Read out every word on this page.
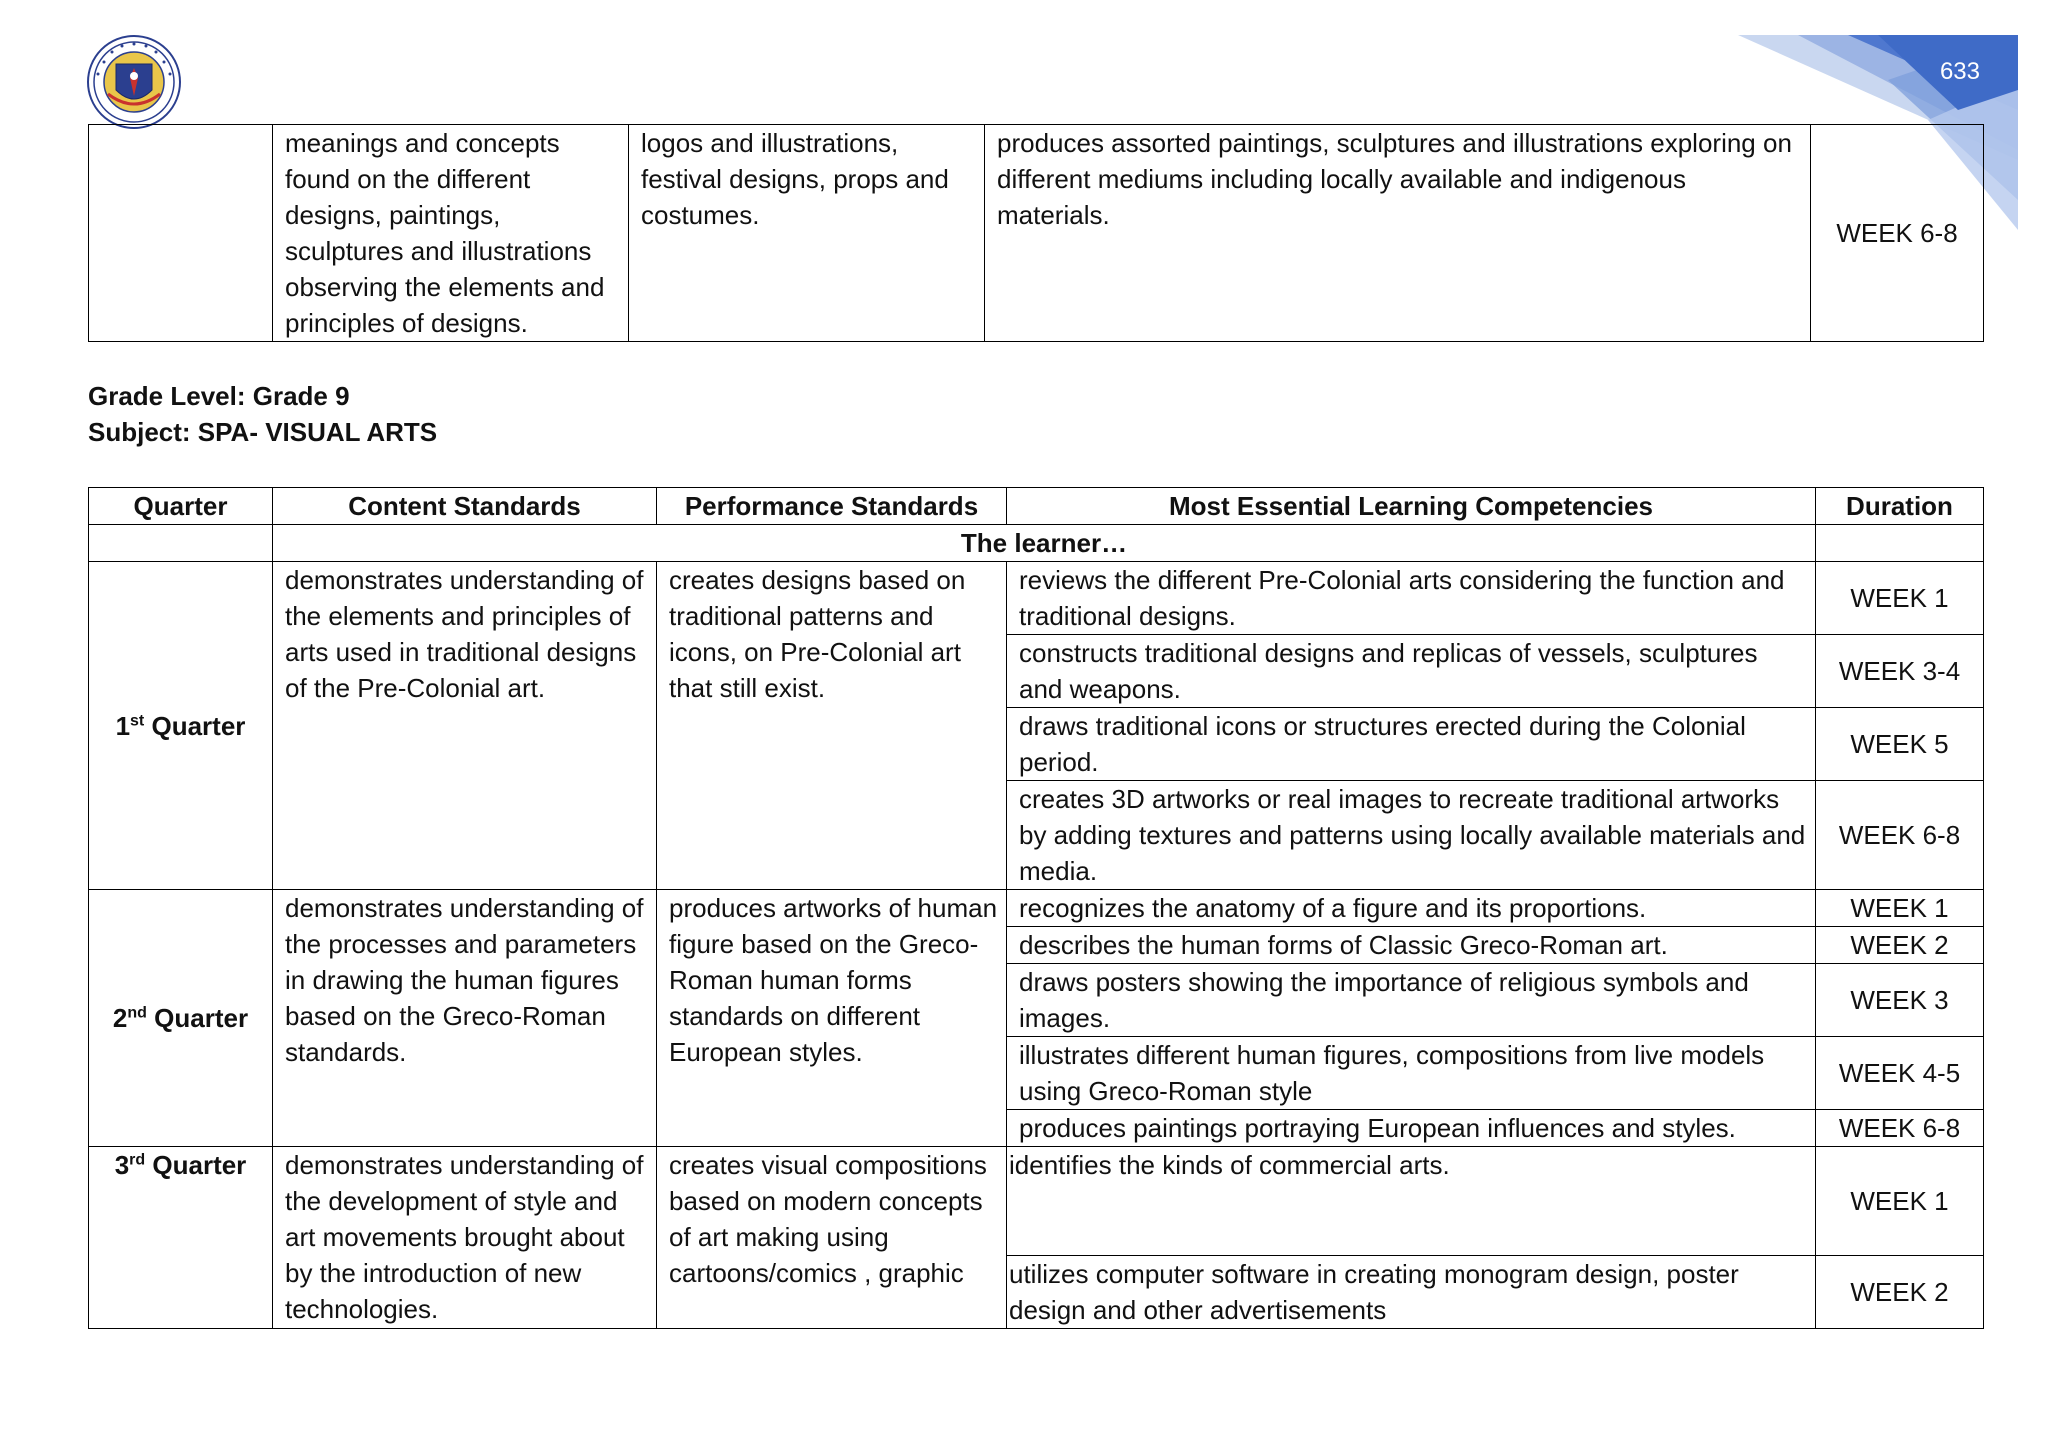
633
	meanings and concepts found on the different designs, paintings, sculptures and illustrations observing the elements and principles of designs.	logos and illustrations, festival designs, props and costumes.	produces assorted paintings, sculptures and illustrations exploring on different mediums including locally available and indigenous materials.	WEEK 6-8
Grade Level: Grade 9
Subject: SPA- VISUAL ARTS
Quarter	Content Standards	Performance Standards	Most Essential Learning Competencies	Duration
	The learner…			
1st Quarter	demonstrates understanding of the elements and principles of arts used in traditional designs of the Pre-Colonial art.	creates designs based on traditional patterns and icons, on Pre-Colonial art that still exist.	reviews the different Pre-Colonial arts considering the function and traditional designs.	WEEK 1
			constructs traditional designs and replicas of vessels, sculptures and weapons.	WEEK 3-4
			draws traditional icons or structures erected during the Colonial period.	WEEK 5
			creates 3D artworks or real images to recreate traditional artworks by adding textures and patterns using locally available materials and media.	WEEK 6-8
2nd Quarter	demonstrates understanding of the processes and parameters in drawing the human figures based on the Greco-Roman standards.	produces artworks of human figure based on the Greco-Roman human forms standards on different European styles.	recognizes the anatomy of a figure and its proportions.	WEEK 1
			describes the human forms of Classic Greco-Roman art.	WEEK 2
			draws posters showing the importance of religious symbols and images.	WEEK 3
			illustrates different human figures, compositions from live models using Greco-Roman style	WEEK 4-5
			produces paintings portraying European influences and styles.	WEEK 6-8
3rd Quarter	demonstrates understanding of the development of style and art movements brought about by the introduction of new technologies.	creates visual compositions based on modern concepts of art making using cartoons/comics , graphic	identifies the kinds of commercial arts.	WEEK 1
			utilizes computer software in creating monogram design, poster design and other advertisements	WEEK 2
